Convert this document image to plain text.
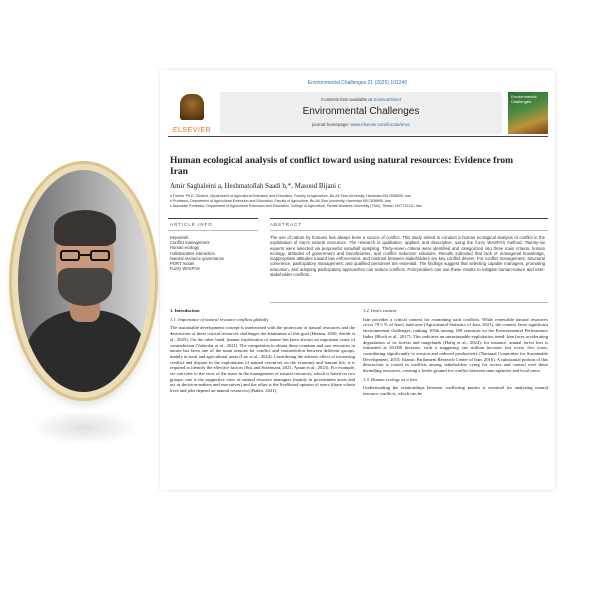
Environmental Challenges 21 (2025) 101240
ELSEVIER
Contents lists available at ScienceDirect
Environmental Challenges
journal homepage: www.elsevier.com/locate/envc
Environmental Challenges
Human ecological analysis of conflict toward using natural resources: Evidence from Iran
Amir Saghaleini a, Heshmatollah Saadi b,*, Masoud Bijani c
a Former Ph.D. Student, Department of Agricultural Extension and Education, Faculty of Agriculture, Bu-Ali Sina University, Hamedan 6517838695, Iran
b Professor, Department of Agricultural Extension and Education, Faculty of Agriculture, Bu-Ali Sina University, Hamedan 6517838695, Iran
c Associate Professor, Department of Agricultural Extension and Education, College of Agriculture, Tarbiat Modares University (TMU), Tehran 1497713111, Iran
ARTICLE INFO	ABSTRACT
Keywords
Conflict management
Human ecology
Collaborative interaction
Natural resource governance
PORT model
Fuzzy WASPAS
The use of nature by humans has always been a source of conflict. This study aimed to conduct a human ecological analysis of conflict in the exploitation of Iran's natural resources. The research is qualitative, applied, and descriptive, using the fuzzy WASPAS method. Twenty-six experts were selected via purposeful snowball sampling. Thirty-seven criteria were identified and categorized into three main criteria: human ecology, attitudes of government and beneficiaries, and conflict reduction solutions. Results indicated that lack of managerial knowledge, inappropriate attitudes toward law enforcement, and mistrust between stakeholders are key conflict drivers. For conflict management, structural coherence, participatory management, and qualified personnel are essential. The findings suggest that selecting capable managers, promoting education, and adopting participatory approaches can reduce conflicts. Policymakers can use these results to mitigate human-nature and inter-stakeholder conflicts.
1. Introduction

1.1. Importance of natural resource conflicts globally

The sustainable development concept is intertwined with the protection of natural resources and the destruction of these critical resources challenges the attainment of this goal (Hassan, 2020; Saeidi et al., 2025). On the other hand, human exploitation of nature has been always an important cause of contradiction (Vafaeifar et al., 2021). The competition to obtain these common and rare resources in nature has been one of the main reasons for conflict and contradiction between different groups, mainly in rural and agricultural areas (Luo et al., 2024). Considering the adverse effect of increasing conflict and dispute in the exploitation of natural resources on the economy and human life, it is required to identify the effective factors (Sisi and Soleimani, 2021; Ayaan et al., 2023). For example, we can refer to the view of the users in the management of natural resources, which is based on two groups: one is the supportive view of natural resource managers (mainly in government areas and act as decision-makers and executives) and the other is the livelihood opinion of users (those whose lives and jobs depend on natural resources) (Bakhi, 2021).

1.2. Iran's context

Iran provides a critical context for examining such conflicts. While renewable natural resources cover 79.5 % of Iran's land area (Agricultural Statistics of Iran, 2021), the country faces significant environmental challenges, ranking 105th among 180 countries on the Environmental Performance Index (Block et al., 2017). This indicates an unsustainable exploitation trend. Iran faces accelerating degradation of its forests and rangelands (Hafiq et al., 2024); for instance, annual forest loss is estimated at 63,000 hectares, with a staggering one million hectares lost every five years, contributing significantly to erosion and reduced productivity (National Committee for Sustainable Development, 2015; Islamic Parliament Research Center of Iran, 2016). A substantial portion of this destruction is rooted in conflicts among stakeholders vying for access and control over these dwindling resources, creating a fertile ground for conflict between state agencies and local users.

1.3. Human ecology as a lens

Understanding the relationships between conflicting parties is essential for analyzing natural resource conflicts, which can be
